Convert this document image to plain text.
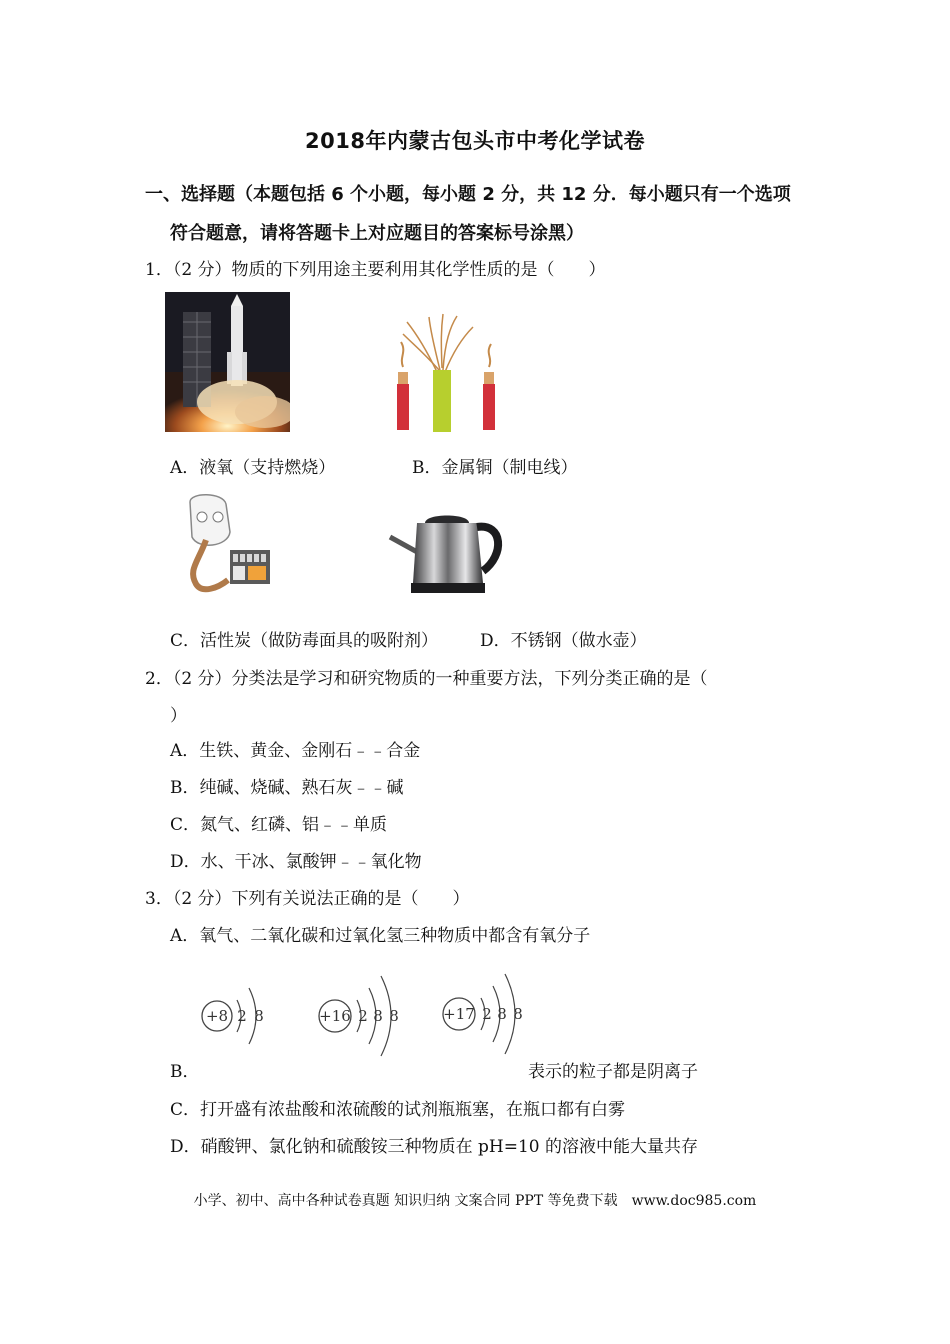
2018年内蒙古包头市中考化学试卷
一、选择题（本题包括 6 个小题，每小题 2 分，共 12 分．每小题只有一个选项
符合题意，请将答题卡上对应题目的答案标号涂黑）
1．（2 分）物质的下列用途主要利用其化学性质的是（　　）
A．液氧（支持燃烧）	B．金属铜（制电线）
C．活性炭（做防毒面具的吸附剂） D．不锈钢（做水壶）
2．（2 分）分类法是学习和研究物质的一种重要方法，下列分类正确的是（
）
A．生铁、黄金、金刚石﹣﹣合金
B．纯碱、烧碱、熟石灰﹣﹣碱
C．氮气、红磷、铝﹣﹣单质
D．水、干冰、氯酸钾﹣﹣氧化物
3．（2 分）下列有关说法正确的是（　　）
A．氧气、二氧化碳和过氧化氢三种物质中都含有氧分子
+8 2 8	+16 2 8 8	+17 2 8 8
B．	表示的粒子都是阴离子
C．打开盛有浓盐酸和浓硫酸的试剂瓶瓶塞，在瓶口都有白雾
D．硝酸钾、氯化钠和硫酸铵三种物质在 pH=10 的溶液中能大量共存
小学、初中、高中各种试卷真题 知识归纳 文案合同 PPT 等免费下载　www.doc985.com
